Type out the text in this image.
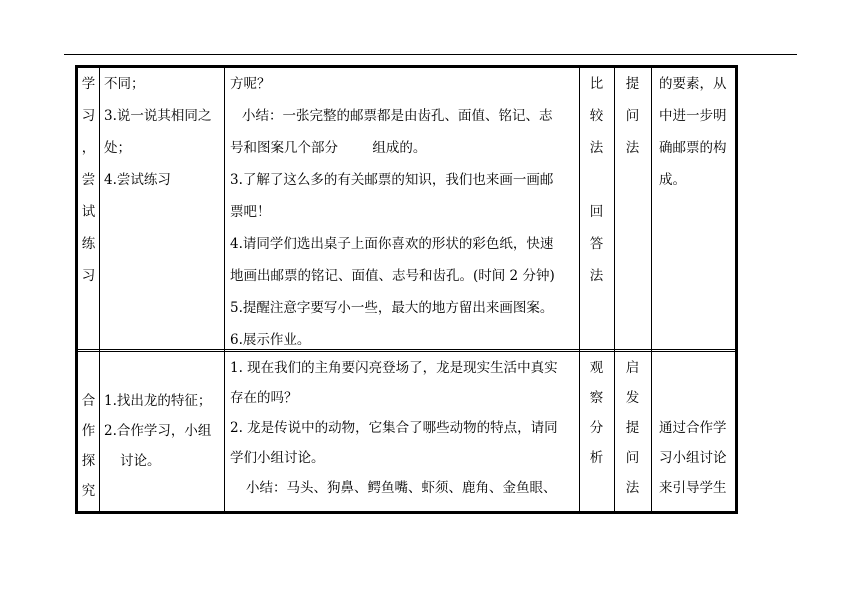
学
习
，
尝
试
练
习
不同；
3.说一说其相同之
处；
4.尝试练习
方呢？
小结：一张完整的邮票都是由齿孔、面值、铭记、志
号和图案几个部分        组成的。
3.了解了这么多的有关邮票的知识，我们也来画一画邮
票吧！
4.请同学们选出桌子上面你喜欢的形状的彩色纸，快速
地画出邮票的铭记、面值、志号和齿孔。(时间 2 分钟)
5.提醒注意字要写小一些，最大的地方留出来画图案。
6.展示作业。
比
较
法

回
答
法
提
问
法
的要素，从
中进一步明
确邮票的构
成。
合
作
探
究
1.找出龙的特征；
2.合作学习，小组
讨论。
1. 现在我们的主角要闪亮登场了，龙是现实生活中真实
存在的吗？
2. 龙是传说中的动物，它集合了哪些动物的特点，请同
学们小组讨论。
小结：马头、狗鼻、鳄鱼嘴、虾须、鹿角、金鱼眼、
观
察
分
析
启
发
提
问
法
通过合作学
习小组讨论
来引导学生
